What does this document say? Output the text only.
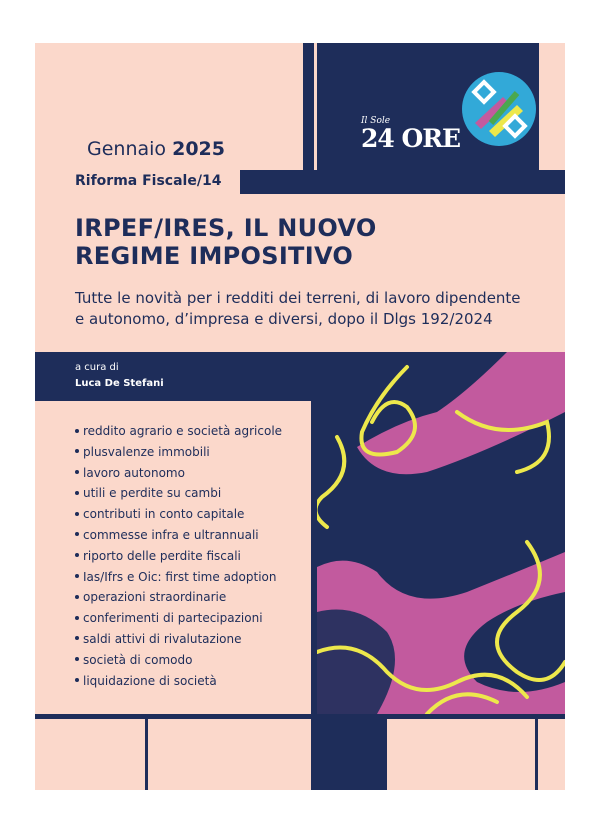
Gennaio 2025
Il Sole
24 ORE
Riforma Fiscale/14
IRPEF/IRES, IL NUOVO
REGIME IMPOSITIVO
Tutte le novità per i redditi dei terreni, di lavoro dipendente
e autonomo, d’impresa e diversi, dopo il Dlgs 192/2024
a cura di
Luca De Stefani
reddito agrario e società agricole
plusvalenze immobili
lavoro autonomo
utili e perdite su cambi
contributi in conto capitale
commesse infra e ultrannuali
riporto delle perdite fiscali
Ias/Ifrs e Oic: first time adoption
operazioni straordinarie
conferimenti di partecipazioni
saldi attivi di rivalutazione
società di comodo
liquidazione di società
